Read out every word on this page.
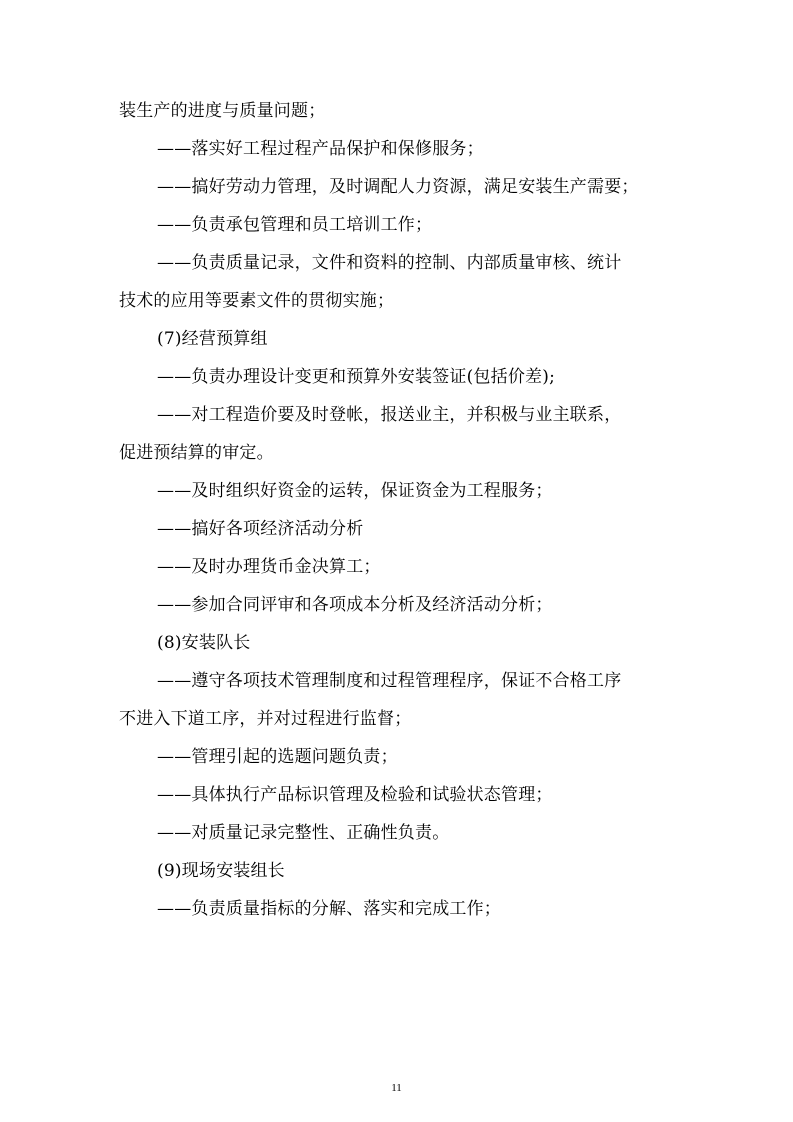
装生产的进度与质量问题；
——落实好工程过程产品保护和保修服务；
——搞好劳动力管理，及时调配人力资源，满足安装生产需要；
——负责承包管理和员工培训工作；
——负责质量记录，文件和资料的控制、内部质量审核、统计
技术的应用等要素文件的贯彻实施；
(7)经营预算组
——负责办理设计变更和预算外安装签证(包括价差);
——对工程造价要及时登帐，报送业主，并积极与业主联系，
促进预结算的审定。
——及时组织好资金的运转，保证资金为工程服务；
——搞好各项经济活动分析
——及时办理货币金决算工；
——参加合同评审和各项成本分析及经济活动分析；
(8)安装队长
——遵守各项技术管理制度和过程管理程序，保证不合格工序
不进入下道工序，并对过程进行监督；
——管理引起的选题问题负责；
——具体执行产品标识管理及检验和试验状态管理；
——对质量记录完整性、正确性负责。
(9)现场安装组长
——负责质量指标的分解、落实和完成工作；
11
